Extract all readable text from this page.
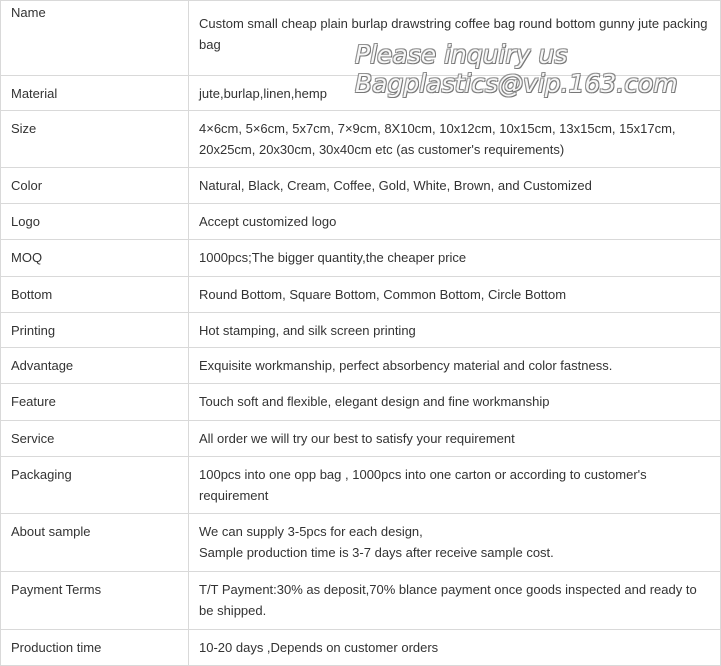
Name	Custom small cheap plain burlap drawstring coffee bag round bottom gunny jute packing bag

Material	jute,burlap,linen,hemp

Size	4×6cm, 5×6cm, 5x7cm, 7×9cm, 8X10cm, 10x12cm, 10x15cm, 13x15cm, 15x17cm, 20x25cm, 20x30cm, 30x40cm etc (as customer's requirements)

Color	Natural, Black, Cream, Coffee, Gold, White, Brown, and Customized

Logo	Accept customized logo

MOQ	1000pcs;The bigger quantity,the cheaper price

Bottom	Round Bottom, Square Bottom, Common Bottom, Circle Bottom

Printing	Hot stamping, and silk screen printing

Advantage	Exquisite workmanship, perfect absorbency material and color fastness.

Feature	Touch soft and flexible, elegant design and fine workmanship

Service	All order we will try our best to satisfy your requirement

Packaging	100pcs into one opp bag , 1000pcs into one carton or according to customer's requirement

About sample	We can supply 3-5pcs for each design,
Sample production time is 3-7 days after receive sample cost.

Payment Terms	T/T Payment:30% as deposit,70% blance payment once goods inspected and ready to be shipped.

Production time	10-20 days ,Depends on customer orders
Please inquiry us
Bagplastics@vip.163.com
